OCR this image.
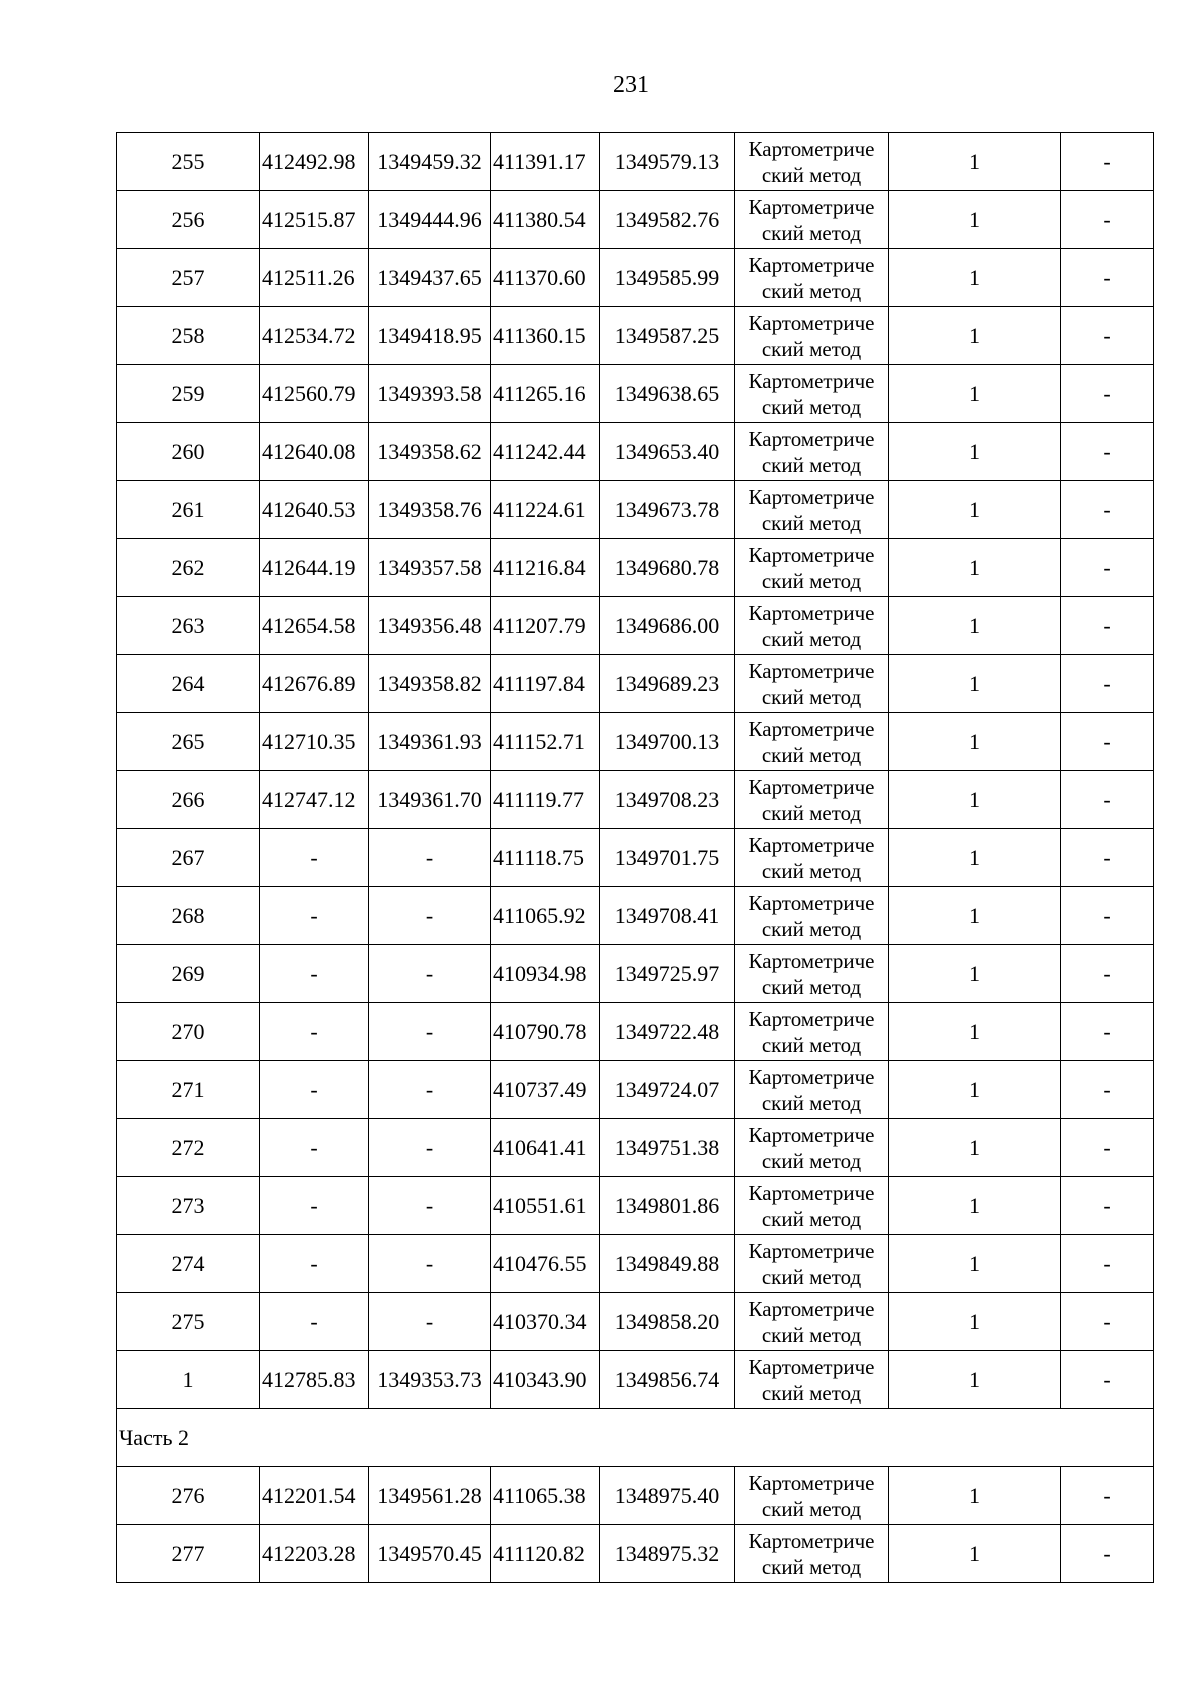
231
255	412492.98	1349459.32	411391.17	1349579.13	Картометриче
ский метод	1	-
256	412515.87	1349444.96	411380.54	1349582.76	Картометриче
ский метод	1	-
257	412511.26	1349437.65	411370.60	1349585.99	Картометриче
ский метод	1	-
258	412534.72	1349418.95	411360.15	1349587.25	Картометриче
ский метод	1	-
259	412560.79	1349393.58	411265.16	1349638.65	Картометриче
ский метод	1	-
260	412640.08	1349358.62	411242.44	1349653.40	Картометриче
ский метод	1	-
261	412640.53	1349358.76	411224.61	1349673.78	Картометриче
ский метод	1	-
262	412644.19	1349357.58	411216.84	1349680.78	Картометриче
ский метод	1	-
263	412654.58	1349356.48	411207.79	1349686.00	Картометриче
ский метод	1	-
264	412676.89	1349358.82	411197.84	1349689.23	Картометриче
ский метод	1	-
265	412710.35	1349361.93	411152.71	1349700.13	Картометриче
ский метод	1	-
266	412747.12	1349361.70	411119.77	1349708.23	Картометриче
ский метод	1	-
267	-	-	411118.75	1349701.75	Картометриче
ский метод	1	-
268	-	-	411065.92	1349708.41	Картометриче
ский метод	1	-
269	-	-	410934.98	1349725.97	Картометриче
ский метод	1	-
270	-	-	410790.78	1349722.48	Картометриче
ский метод	1	-
271	-	-	410737.49	1349724.07	Картометриче
ский метод	1	-
272	-	-	410641.41	1349751.38	Картометриче
ский метод	1	-
273	-	-	410551.61	1349801.86	Картометриче
ский метод	1	-
274	-	-	410476.55	1349849.88	Картометриче
ский метод	1	-
275	-	-	410370.34	1349858.20	Картометриче
ский метод	1	-
1	412785.83	1349353.73	410343.90	1349856.74	Картометриче
ский метод	1	-
Часть 2							
276	412201.54	1349561.28	411065.38	1348975.40	Картометриче
ский метод	1	-
277	412203.28	1349570.45	411120.82	1348975.32	Картометриче
ский метод	1	-
